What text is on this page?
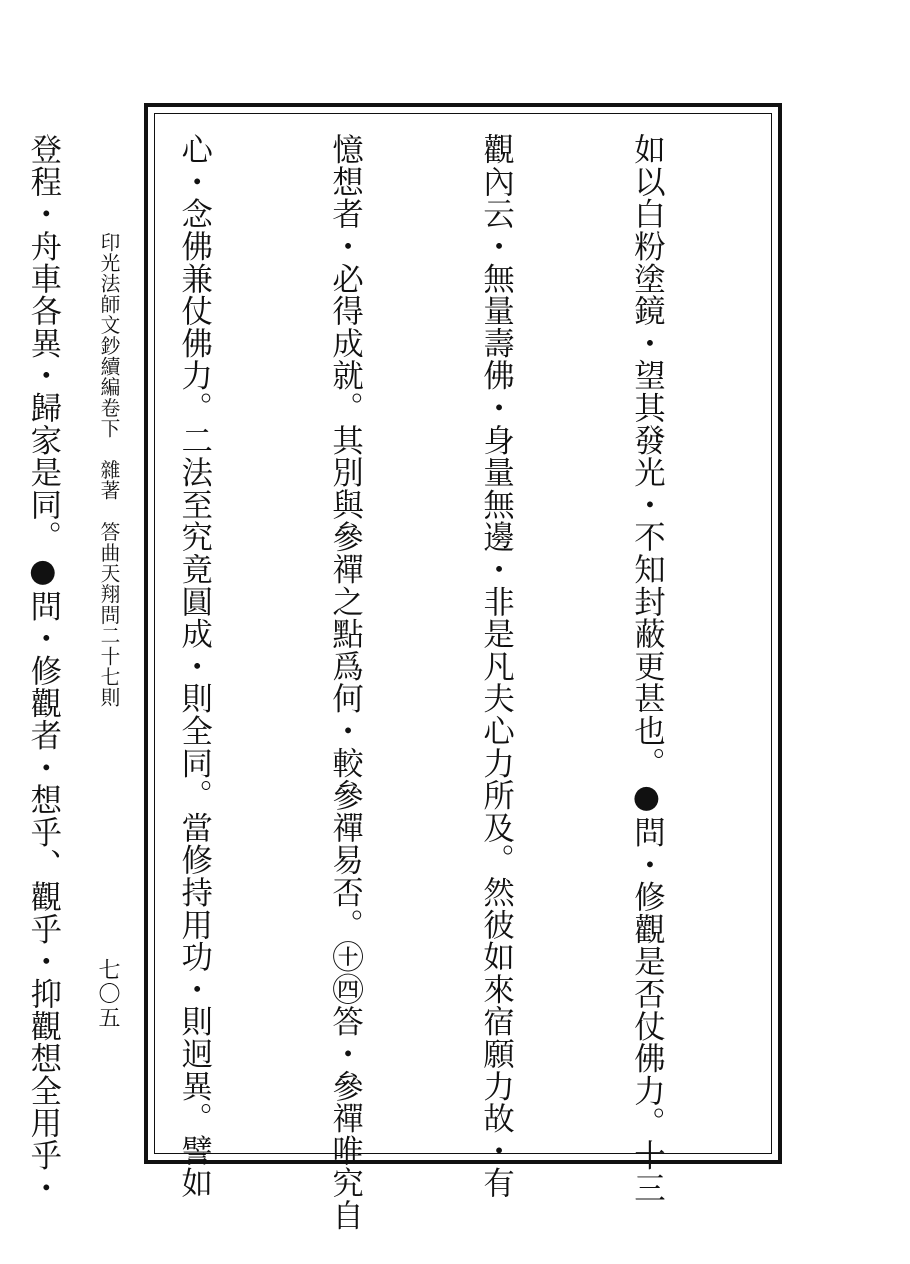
如以白粉塗鏡・望其發光・不知封蔽更甚也。●問・修觀是否仗佛力。十三

觀內云・無量壽佛・身量無邊・非是凡夫心力所及。然彼如來宿願力故・有

憶想者・必得成就。其別與參禪之點爲何・較參禪易否。㊉㊃答・參禪唯究自

心・念佛兼仗佛力。二法至究竟圓成・則全同。當修持用功・則迥異。譬如

登程・舟車各異・歸家是同。●問・修觀者・想乎、觀乎・抑觀想全用乎・

	印光法師文鈔續編卷下　雜著　答曲天翔問二十七則
七〇五
